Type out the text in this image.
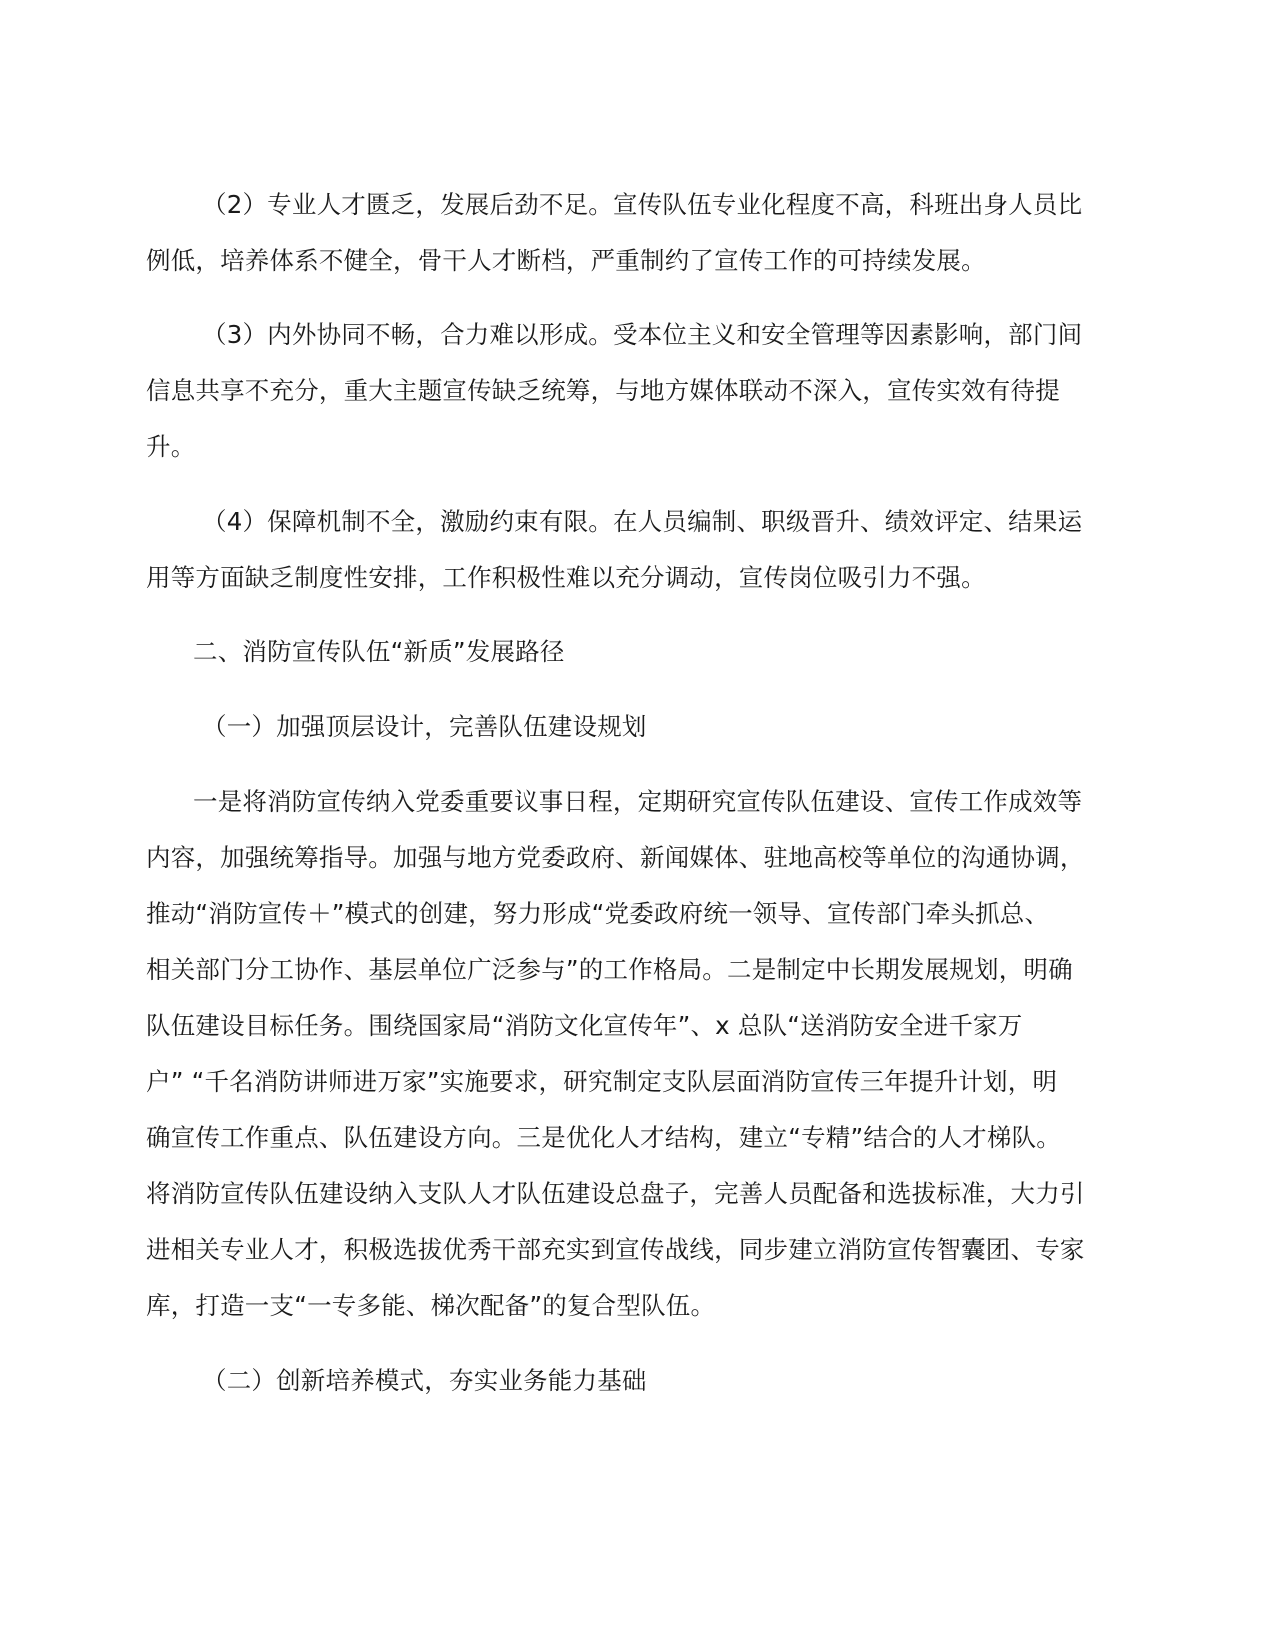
（2）专业人才匮乏，发展后劲不足。宣传队伍专业化程度不高，科班出身人员比
例低，培养体系不健全，骨干人才断档，严重制约了宣传工作的可持续发展。
（3）内外协同不畅，合力难以形成。受本位主义和安全管理等因素影响，部门间
信息共享不充分，重大主题宣传缺乏统筹，与地方媒体联动不深入，宣传实效有待提
升。
（4）保障机制不全，激励约束有限。在人员编制、职级晋升、绩效评定、结果运
用等方面缺乏制度性安排，工作积极性难以充分调动，宣传岗位吸引力不强。
二、消防宣传队伍“新质”发展路径
（一）加强顶层设计，完善队伍建设规划
一是将消防宣传纳入党委重要议事日程，定期研究宣传队伍建设、宣传工作成效等
内容，加强统筹指导。加强与地方党委政府、新闻媒体、驻地高校等单位的沟通协调，
推动“消防宣传＋”模式的创建，努力形成“党委政府统一领导、宣传部门牵头抓总、
相关部门分工协作、基层单位广泛参与”的工作格局。二是制定中长期发展规划，明确
队伍建设目标任务。围绕国家局“消防文化宣传年”、x 总队“送消防安全进千家万
户” “千名消防讲师进万家”实施要求，研究制定支队层面消防宣传三年提升计划，明
确宣传工作重点、队伍建设方向。三是优化人才结构，建立“专精”结合的人才梯队。
将消防宣传队伍建设纳入支队人才队伍建设总盘子，完善人员配备和选拔标准，大力引
进相关专业人才，积极选拔优秀干部充实到宣传战线，同步建立消防宣传智囊团、专家
库，打造一支“一专多能、梯次配备”的复合型队伍。
（二）创新培养模式，夯实业务能力基础
